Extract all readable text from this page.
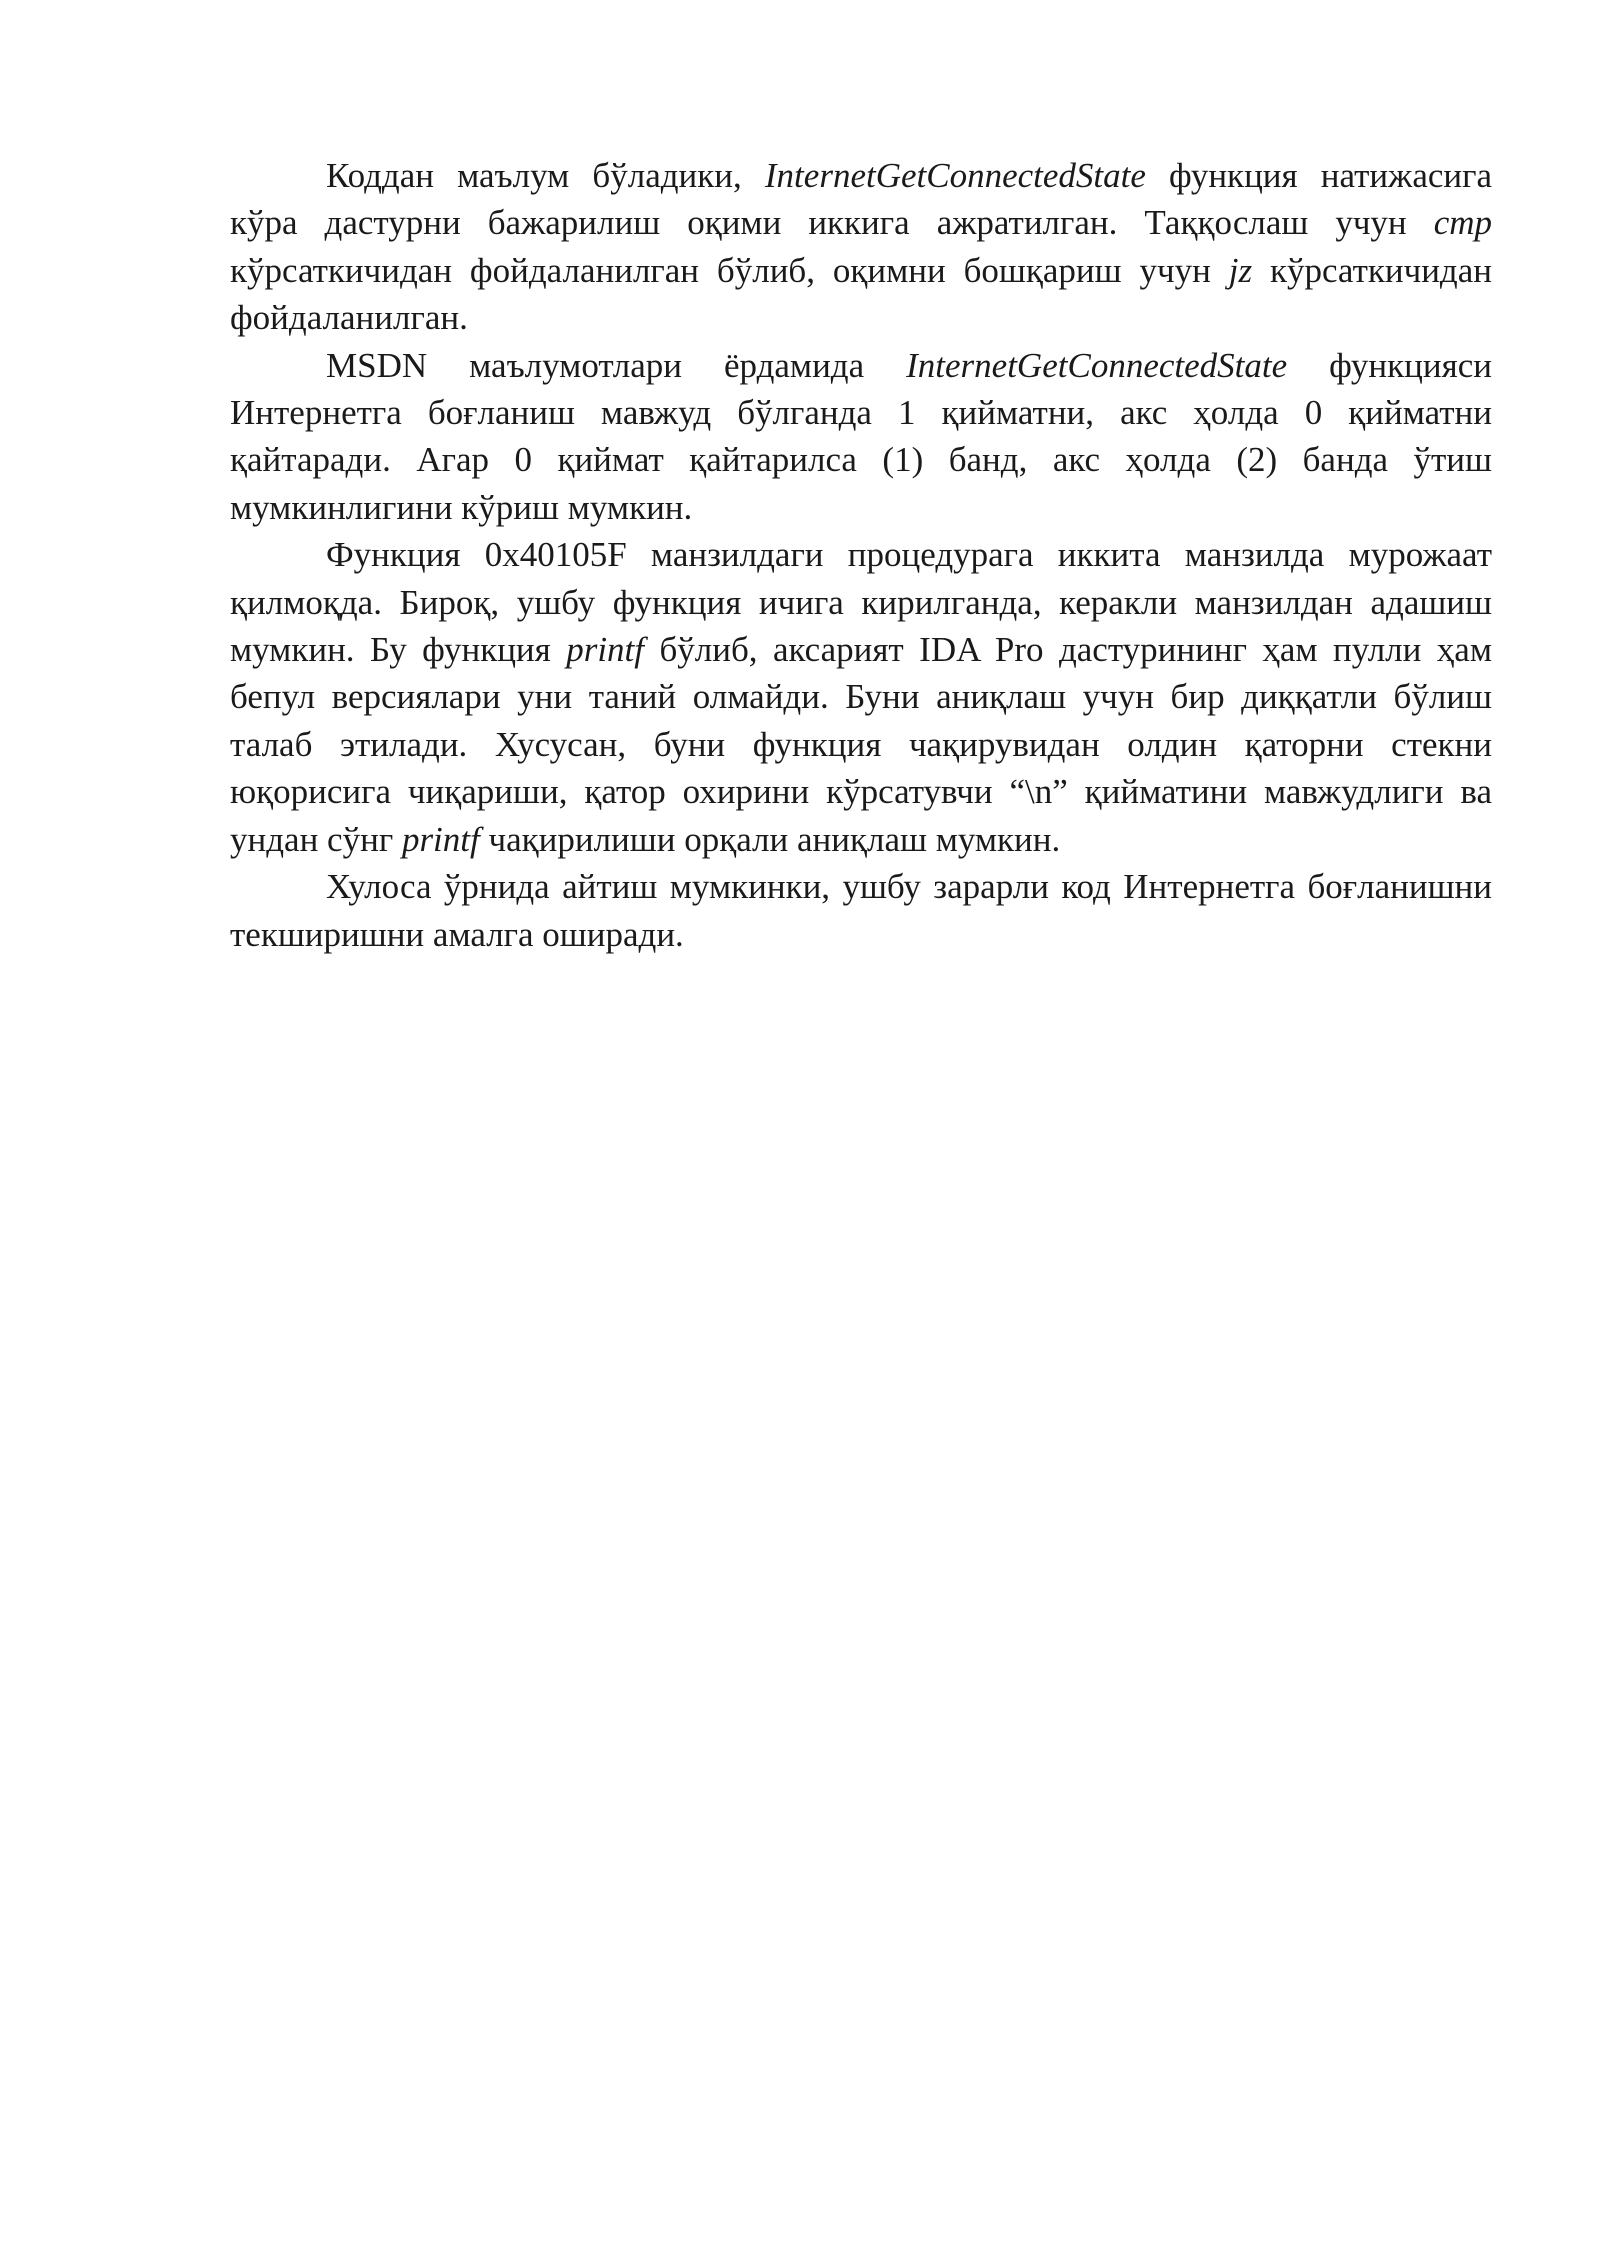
Коддан маълум бўладики, InternetGetConnectedState функция натижасига кўра дастурни бажарилиш оқими иккига ажратилган. Таққослаш учун cmp кўрсаткичидан фойдаланилган бўлиб, оқимни бошқариш учун jz кўрсаткичидан фойдаланилган.

MSDN маълумотлари ёрдамида InternetGetConnectedState функцияси Интернетга боғланиш мавжуд бўлганда 1 қийматни, акс ҳолда 0 қийматни қайтаради. Агар 0 қиймат қайтарилса (1) банд, акс ҳолда (2) банда ўтиш мумкинлигини кўриш мумкин.

Функция 0x40105F манзилдаги процедурага иккита манзилда мурожаат қилмоқда. Бироқ, ушбу функция ичига кирилганда, керакли манзилдан адашиш мумкин. Бу функция printf бўлиб, аксарият IDA Pro дастурининг ҳам пулли ҳам бепул версиялари уни таний олмайди. Буни аниқлаш учун бир диққатли бўлиш талаб этилади. Хусусан, буни функция чақирувидан олдин қаторни стекни юқорисига чиқариши, қатор охирини кўрсатувчи “\n” қийматини мавжудлиги ва ундан сўнг printf чақирилиши орқали аниқлаш мумкин.

Хулоса ўрнида айтиш мумкинки, ушбу зарарли код Интернетга боғланишни текширишни амалга оширади.
